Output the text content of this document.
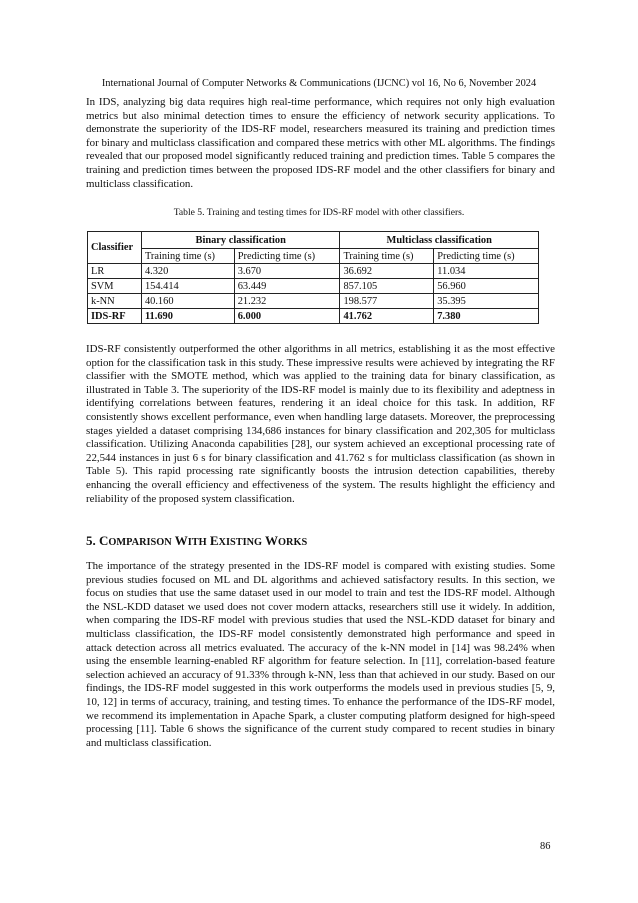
International Journal of Computer Networks & Communications (IJCNC) vol 16, No 6, November 2024

In IDS, analyzing big data requires high real-time performance, which requires not only high evaluation metrics but also minimal detection times to ensure the efficiency of network security applications. To demonstrate the superiority of the IDS-RF model, researchers measured its training and prediction times for binary and multiclass classification and compared these metrics with other ML algorithms. The findings revealed that our proposed model significantly reduced training and prediction times. Table 5 compares the training and prediction times between the proposed IDS-RF model and the other classifiers for binary and multiclass classification.

Table 5. Training and testing times for IDS-RF model with other classifiers.
Classifier	Binary classification		Multiclass classification	
	Training time (s)	Predicting time (s)	Training time (s)	Predicting time (s)
LR	4.320	3.670	36.692	11.034
SVM	154.414	63.449	857.105	56.960
k-NN	40.160	21.232	198.577	35.395
IDS-RF	11.690	6.000	41.762	7.380

IDS-RF consistently outperformed the other algorithms in all metrics, establishing it as the most effective option for the classification task in this study. These impressive results were achieved by integrating the RF classifier with the SMOTE method, which was applied to the training data for binary classification, as illustrated in Table 3. The superiority of the IDS-RF model is mainly due to its flexibility and adeptness in identifying correlations between features, rendering it an ideal choice for this task. In addition, RF consistently shows excellent performance, even when handling large datasets. Moreover, the preprocessing stages yielded a dataset comprising 134,686 instances for binary classification and 202,305 for multiclass classification. Utilizing Anaconda capabilities [28], our system achieved an exceptional processing rate of 22,544 instances in just 6 s for binary classification and 41.762 s for multiclass classification (as shown in Table 5). This rapid processing rate significantly boosts the intrusion detection capabilities, thereby enhancing the overall efficiency and effectiveness of the system. The results highlight the efficiency and reliability of the proposed system classification.

5. COMPARISON WITH EXISTING WORKS

The importance of the strategy presented in the IDS-RF model is compared with existing studies. Some previous studies focused on ML and DL algorithms and achieved satisfactory results. In this section, we focus on studies that use the same dataset used in our model to train and test the IDS-RF model. Although the NSL-KDD dataset we used does not cover modern attacks, researchers still use it widely. In addition, when comparing the IDS-RF model with previous studies that used the NSL-KDD dataset for binary and multiclass classification, the IDS-RF model consistently demonstrated high performance and speed in attack detection across all metrics evaluated. The accuracy of the k-NN model in [14] was 98.24% when using the ensemble learning-enabled RF algorithm for feature selection. In [11], correlation-based feature selection achieved an accuracy of 91.33% through k-NN, less than that achieved in our study. Based on our findings, the IDS-RF model suggested in this work outperforms the models used in previous studies [5, 9, 10, 12] in terms of accuracy, training, and testing times. To enhance the performance of the IDS-RF model, we recommend its implementation in Apache Spark, a cluster computing platform designed for high-speed processing [11]. Table 6 shows the significance of the current study compared to recent studies in binary and multiclass classification.

86
